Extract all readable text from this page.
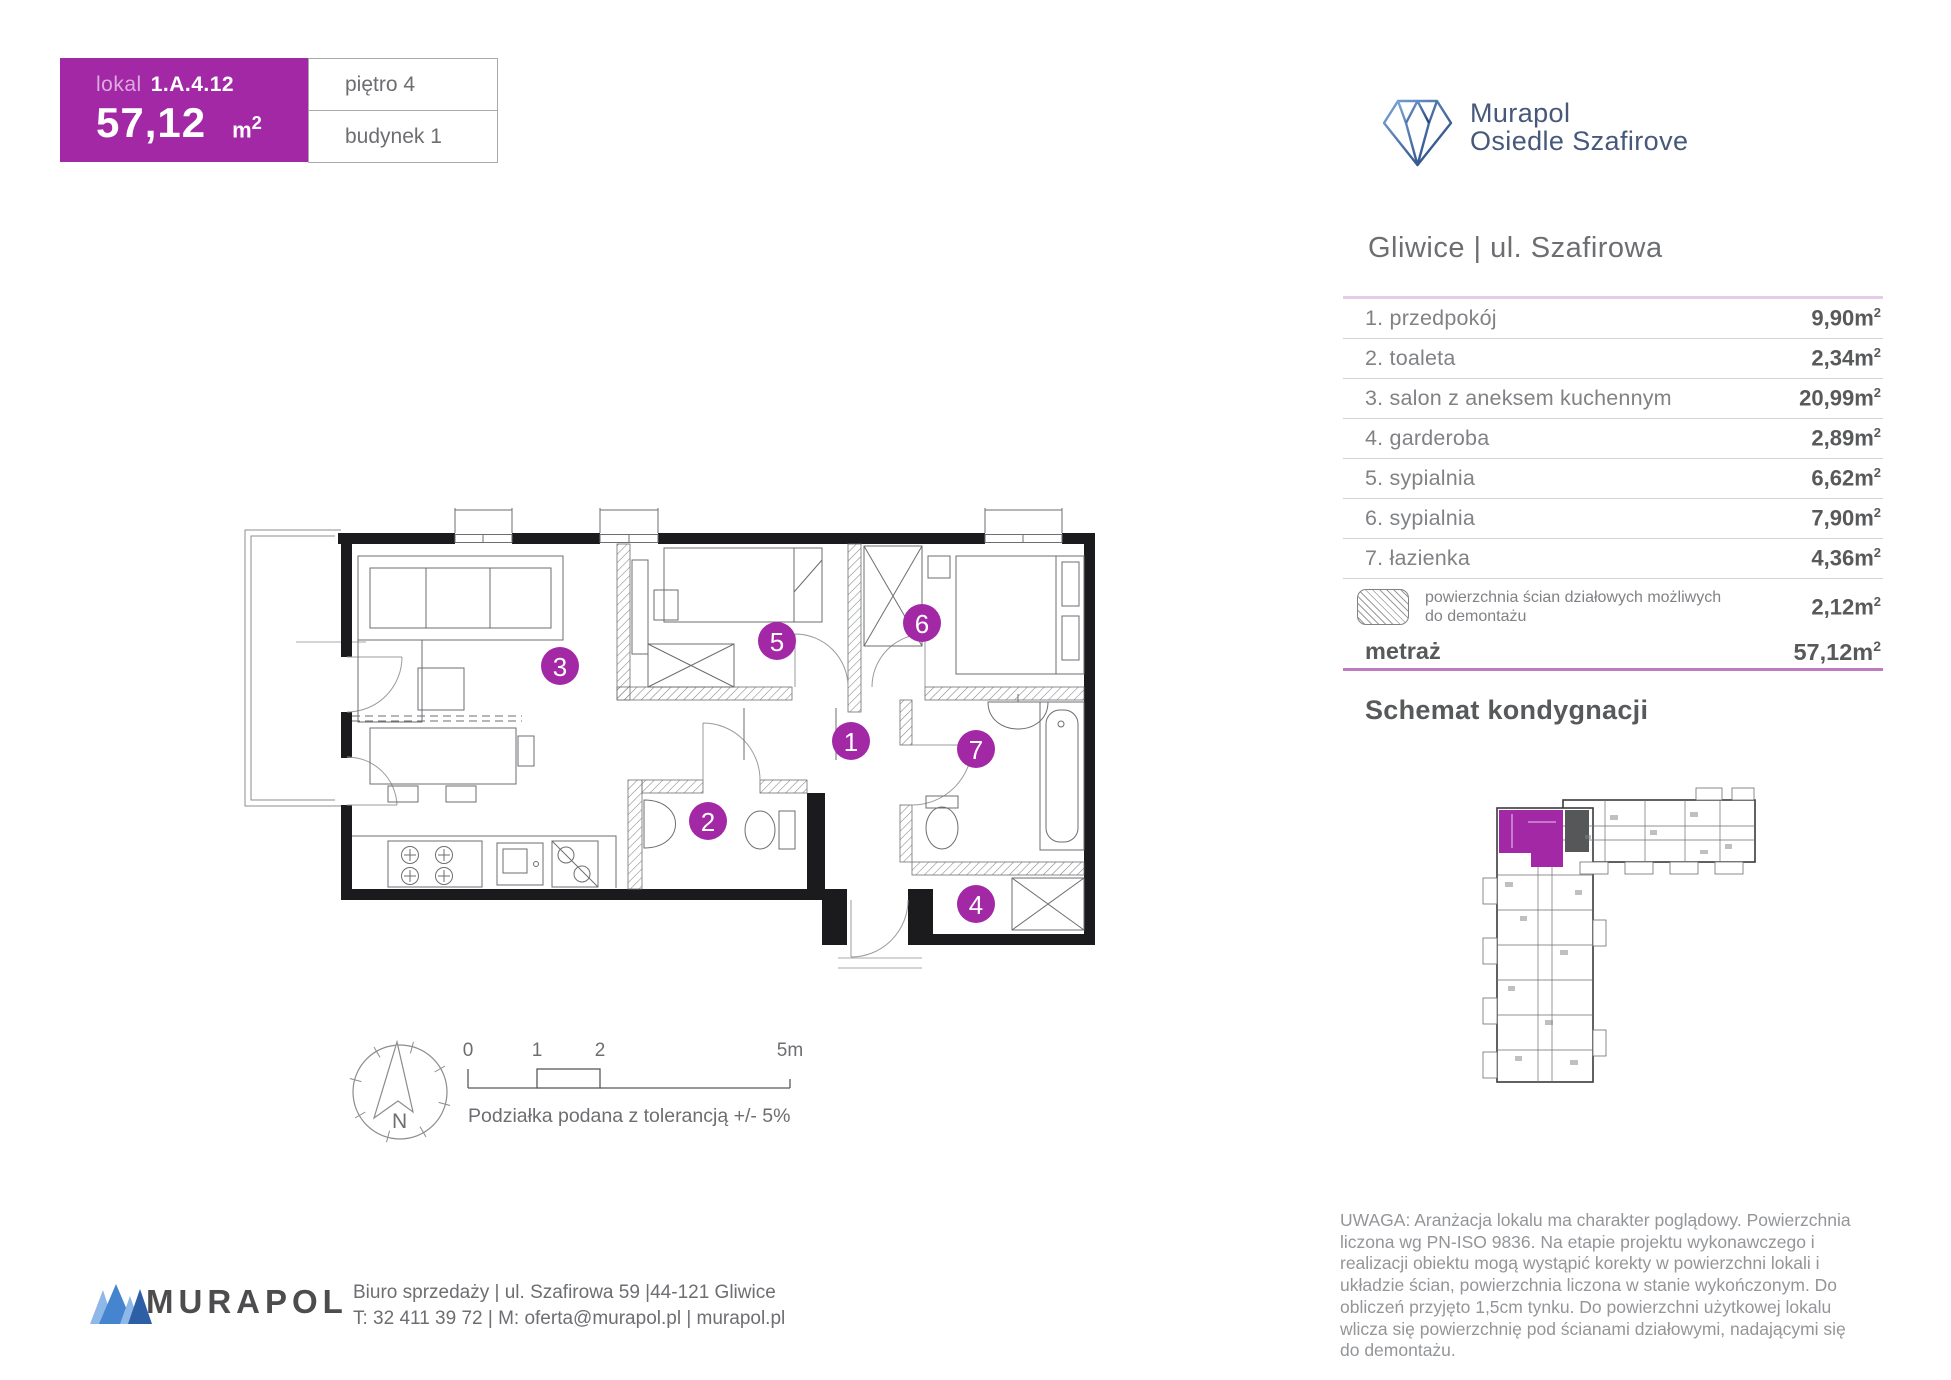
lokal 1.A.4.12
57,12 $m^2$
piętro 4
budynek 1
Murapol
Osiedle Szafirove
Gliwice | ul. Szafirowa
1. przedpokój	$9,90m^2$
2. toaleta	$2,34m^2$
3. salon z aneksem kuchennym	$20,99m^2$
4. garderoba	$2,89m^2$
5. sypialnia	$6,62m^2$
6. sypialnia	$7,90m^2$
7. łazienka	$4,36m^2$
powierzchnia ścian działowych możliwych do demontażu	$2,12m^2$
metraż	$57,12m^2$
Schemat kondygnacji
1
2
3
4
5
6
7
N
0	1	2	5m
Podziałka podana z tolerancją +/- 5%
UWAGA: Aranżacja lokalu ma charakter poglądowy. Powierzchnia liczona wg PN-ISO 9836. Na etapie projektu wykonawczego i realizacji obiektu mogą wystąpić korekty w powierzchni lokali i układzie ścian, powierzchnia liczona w stanie wykończonym. Do obliczeń przyjęto 1,5cm tynku. Do powierzchni użytkowej lokalu wlicza się powierzchnię pod ścianami działowymi, nadającymi się do demontażu.
MURAPOL Biuro sprzedaży | ul. Szafirowa 59 |44-121 Gliwice
T: 32 411 39 72 | M: oferta@murapol.pl | murapol.pl
